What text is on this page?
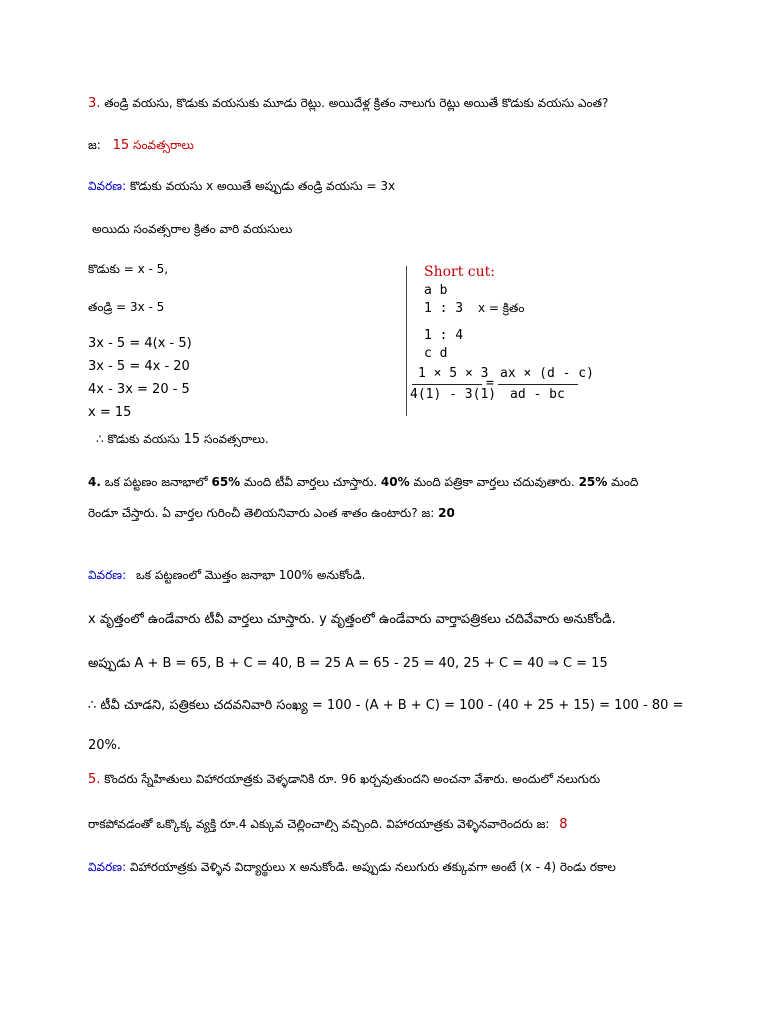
3. తండ్రి వయసు, కొడుకు వయసుకు మూడు రెట్లు. అయిదేళ్ల క్రితం నాలుగు రెట్లు అయితే కొడుకు వయసు ఎంత?
జ: 15 సంవత్సరాలు
వివరణ: కొడుకు వయసు x అయితే అప్పుడు తండ్రి వయసు = 3x
అయిదు సంవత్సరాల క్రితం వారి వయసులు
కొడుకు = x - 5,
తండ్రి = 3x - 5
3x - 5 = 4(x - 5)
3x - 5 = 4x - 20
4x - 3x = 20 - 5
x = 15
∴ కొడుకు వయసు 15 సంవత్సరాలు.
Short cut:
a b
1 : 3 x = క్రితం
1 : 4
c d
1 × 5 × 3
4(1) - 3(1)
=
ax × (d - c)
ad - bc
4. ఒక పట్టణం జనాభాలో 65% మంది టీవీ వార్తలు చూస్తారు. 40% మంది పత్రికా వార్తలు చదువుతారు. 25% మంది
రెండూ చేస్తారు. ఏ వార్తల గురించీ తెలియనివారు ఎంత శాతం ఉంటారు? జ: 20
వివరణ: ఒక పట్టణంలో మొత్తం జనాభా 100% అనుకోండి.
x వృత్తంలో ఉండేవారు టీవీ వార్తలు చూస్తారు. y వృత్తంలో ఉండేవారు వార్తాపత్రికలు చదివేవారు అనుకోండి.
అప్పుడు A + B = 65, B + C = 40, B = 25 A = 65 - 25 = 40, 25 + C = 40 ⇒ C = 15
∴ టీవీ చూడని, పత్రికలు చదవనివారి సంఖ్య = 100 - (A + B + C) = 100 - (40 + 25 + 15) = 100 - 80 =
20%.
5. కొందరు స్నేహితులు విహారయాత్రకు వెళ్ళడానికి రూ. 96 ఖర్చవుతుందని అంచనా వేశారు. అందులో నలుగురు
రాకపోవడంతో ఒక్కొక్క వ్యక్తి రూ.4 ఎక్కువ చెల్లించాల్సి వచ్చింది. విహారయాత్రకు వెళ్ళినవారెందరు జ: 8
వివరణ: విహారయాత్రకు వెళ్ళిన విద్యార్థులు x అనుకోండి. అప్పుడు నలుగురు తక్కువగా అంటే (x - 4) రెండు రకాల
